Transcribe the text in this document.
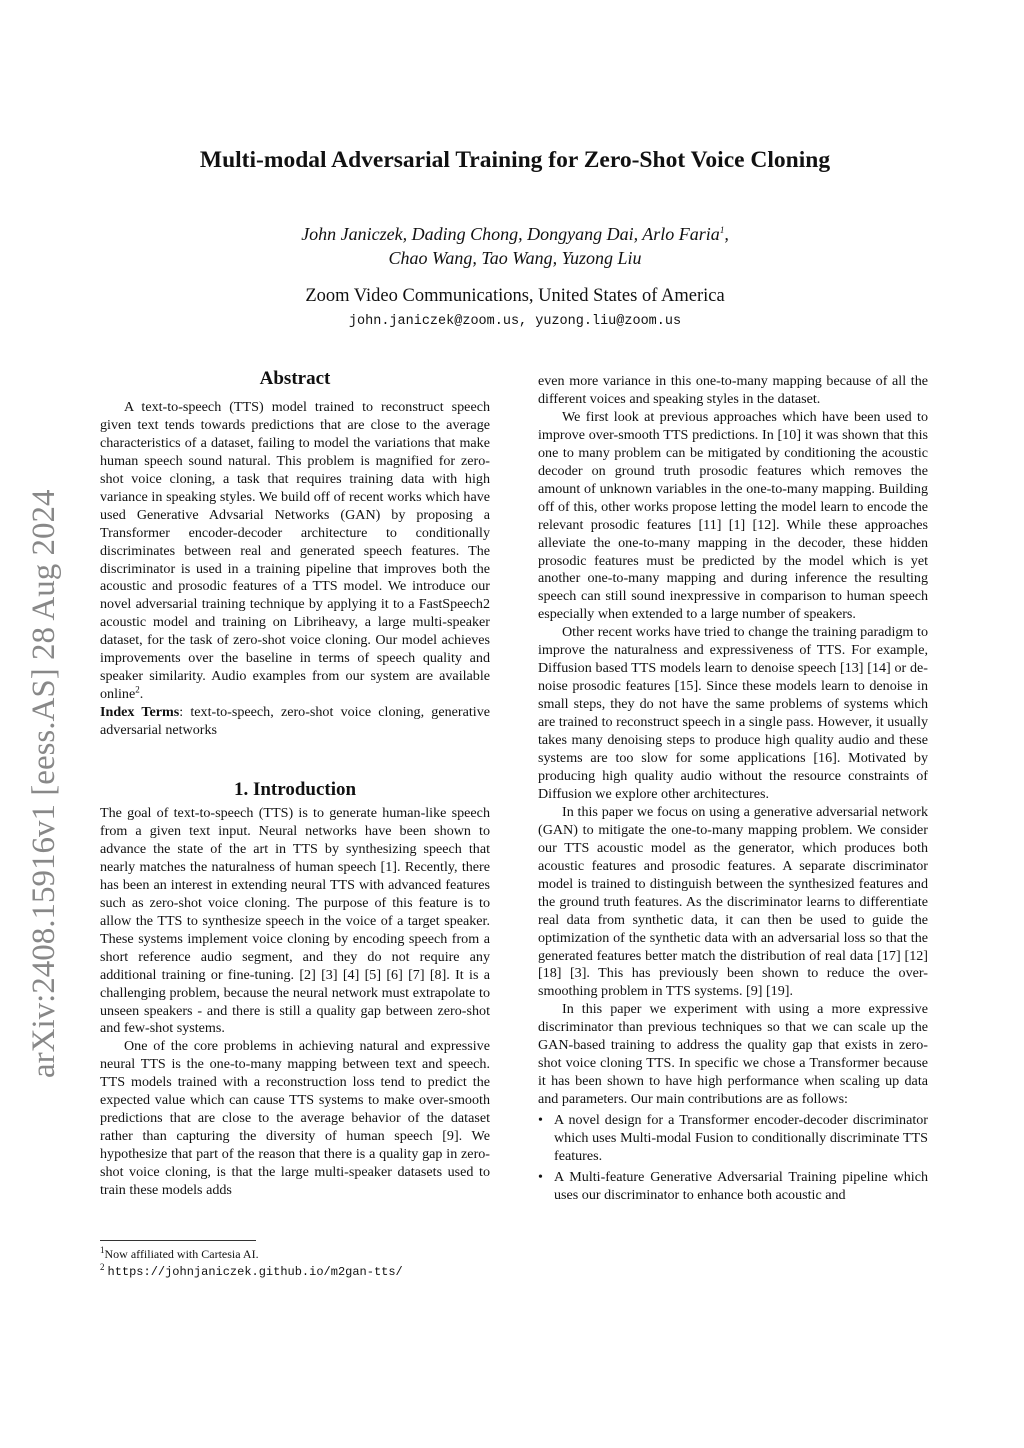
arXiv:2408.15916v1 [eess.AS] 28 Aug 2024
Multi-modal Adversarial Training for Zero-Shot Voice Cloning
John Janiczek, Dading Chong, Dongyang Dai, Arlo Faria$^1$,
Chao Wang, Tao Wang, Yuzong Liu
Zoom Video Communications, United States of America
john.janiczek@zoom.us, yuzong.liu@zoom.us
Abstract

A text-to-speech (TTS) model trained to reconstruct speech given text tends towards predictions that are close to the average characteristics of a dataset, failing to model the variations that make human speech sound natural. This problem is magnified for zero-shot voice cloning, a task that requires training data with high variance in speaking styles. We build off of recent works which have used Generative Advsarial Networks (GAN) by proposing a Transformer encoder-decoder architecture to conditionally discriminates between real and generated speech features. The discriminator is used in a training pipeline that improves both the acoustic and prosodic features of a TTS model. We introduce our novel adversarial training technique by applying it to a FastSpeech2 acoustic model and training on Libriheavy, a large multi-speaker dataset, for the task of zero-shot voice cloning. Our model achieves improvements over the baseline in terms of speech quality and speaker similarity. Audio examples from our system are available online$^2$.

Index Terms: text-to-speech, zero-shot voice cloning, generative adversarial networks

1. Introduction

The goal of text-to-speech (TTS) is to generate human-like speech from a given text input. Neural networks have been shown to advance the state of the art in TTS by synthesizing speech that nearly matches the naturalness of human speech [1]. Recently, there has been an interest in extending neural TTS with advanced features such as zero-shot voice cloning. The purpose of this feature is to allow the TTS to synthesize speech in the voice of a target speaker. These systems implement voice cloning by encoding speech from a short reference audio segment, and they do not require any additional training or fine-tuning. [2] [3] [4] [5] [6] [7] [8]. It is a challenging problem, because the neural network must extrapolate to unseen speakers - and there is still a quality gap between zero-shot and few-shot systems.

One of the core problems in achieving natural and expressive neural TTS is the one-to-many mapping between text and speech. TTS models trained with a reconstruction loss tend to predict the expected value which can cause TTS systems to make over-smooth predictions that are close to the average behavior of the dataset rather than capturing the diversity of human speech [9]. We hypothesize that part of the reason that there is a quality gap in zero-shot voice cloning, is that the large multi-speaker datasets used to train these models adds

$^1$Now affiliated with Cartesia AI.
$^2$ https://johnjaniczek.github.io/m2gan-tts/

even more variance in this one-to-many mapping because of all the different voices and speaking styles in the dataset.

We first look at previous approaches which have been used to improve over-smooth TTS predictions. In [10] it was shown that this one to many problem can be mitigated by conditioning the acoustic decoder on ground truth prosodic features which removes the amount of unknown variables in the one-to-many mapping. Building off of this, other works propose letting the model learn to encode the relevant prosodic features [11] [1] [12]. While these approaches alleviate the one-to-many mapping in the decoder, these hidden prosodic features must be predicted by the model which is yet another one-to-many mapping and during inference the resulting speech can still sound inexpressive in comparison to human speech especially when extended to a large number of speakers.

Other recent works have tried to change the training paradigm to improve the naturalness and expressiveness of TTS. For example, Diffusion based TTS models learn to denoise speech [13] [14] or de-noise prosodic features [15]. Since these models learn to denoise in small steps, they do not have the same problems of systems which are trained to reconstruct speech in a single pass. However, it usually takes many denoising steps to produce high quality audio and these systems are too slow for some applications [16]. Motivated by producing high quality audio without the resource constraints of Diffusion we explore other architectures.

In this paper we focus on using a generative adversarial network (GAN) to mitigate the one-to-many mapping problem. We consider our TTS acoustic model as the generator, which produces both acoustic features and prosodic features. A separate discriminator model is trained to distinguish between the synthesized features and the ground truth features. As the discriminator learns to differentiate real data from synthetic data, it can then be used to guide the optimization of the synthetic data with an adversarial loss so that the generated features better match the distribution of real data [17] [12] [18] [3]. This has previously been shown to reduce the over-smoothing problem in TTS systems. [9] [19].

In this paper we experiment with using a more expressive discriminator than previous techniques so that we can scale up the GAN-based training to address the quality gap that exists in zero-shot voice cloning TTS. In specific we chose a Transformer because it has been shown to have high performance when scaling up data and parameters. Our main contributions are as follows:

• A novel design for a Transformer encoder-decoder discriminator which uses Multi-modal Fusion to conditionally discriminate TTS features.
• A Multi-feature Generative Adversarial Training pipeline which uses our discriminator to enhance both acoustic and
